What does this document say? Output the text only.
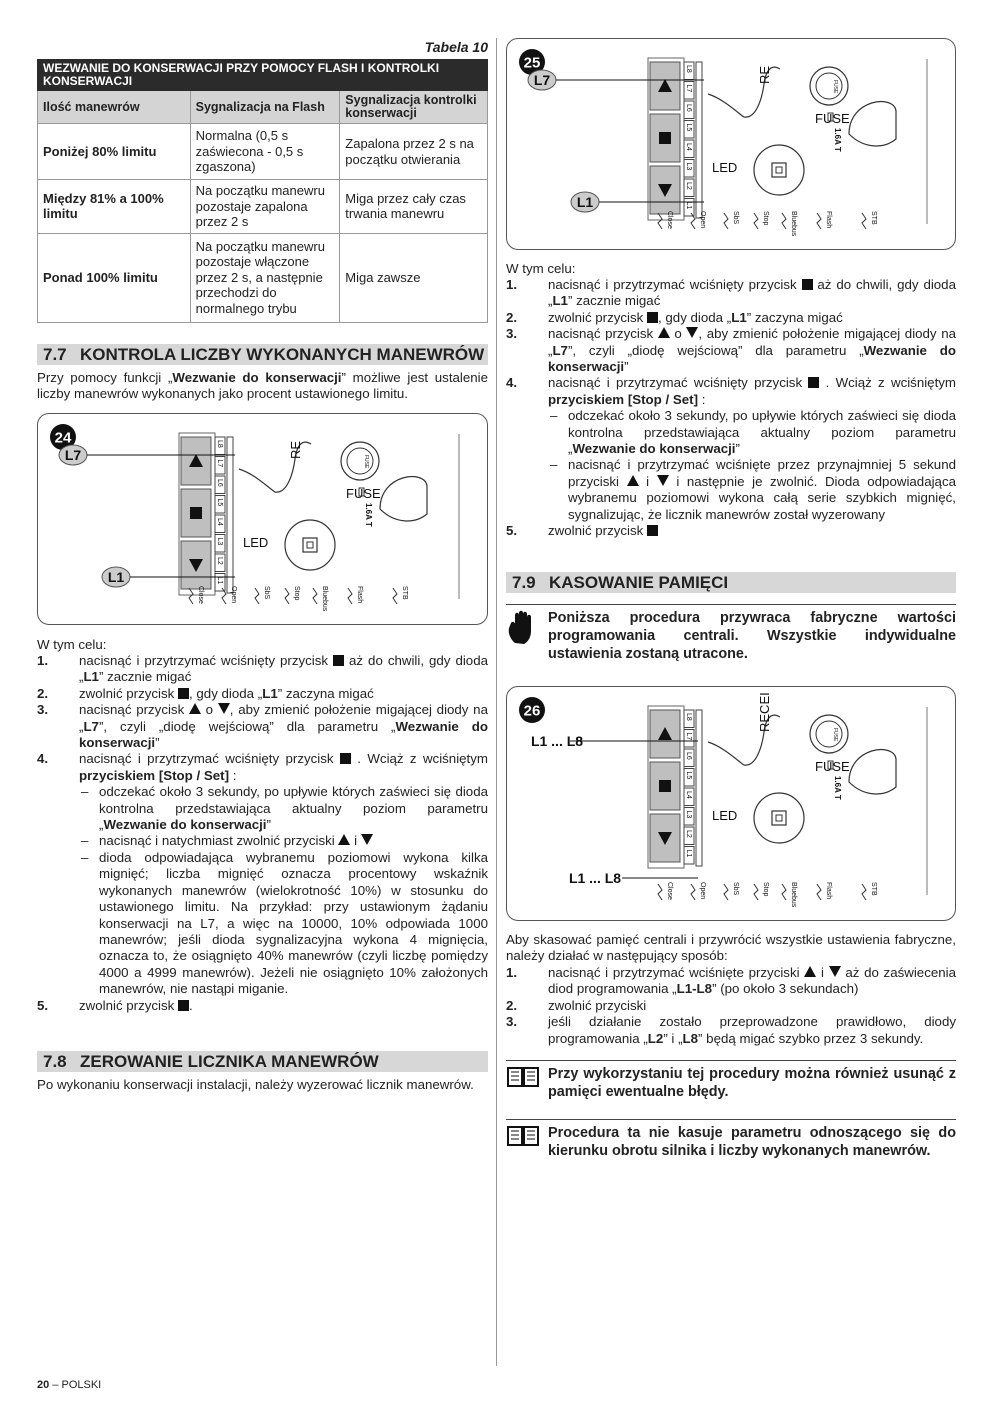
Tabela 10
WEZWANIE DO KONSERWACJI PRZY POMOCY FLASH I KONTROLKI KONSERWACJI		
Ilość manewrów	Sygnalizacja na Flash	Sygnalizacja kontrolki konserwacji
Poniżej 80% limitu	Normalna (0,5 s zaświecona - 0,5 s zgaszona)	Zapalona przez 2 s na początku otwierania
Między 81% a 100% limitu	Na początku manewru pozostaje zapalona przez 2 s	Miga przez cały czas trwania manewru
Ponad 100% limitu	Na początku manewru pozostaje włączone przez 2 s, a następnie przechodzi do normalnego trybu	Miga zawsze
7.7 KONTROLA LICZBY WYKONANYCH MANEWRÓW
Przy pomocy funkcji „Wezwanie do konserwacji” możliwe jest ustalenie liczby manewrów wykonanych jako procent ustawionego limitu.
24	L8
L7
L6
L5
L4
L3
L2
L1
L7
L1
RE
FUSE
FUSE
1.6A T
LED
Close	Open	SbS	Stop	Bluebus	Flash	STB
W tym celu:
1. nacisnąć i przytrzymać wciśnięty przycisk aż do chwili, gdy dioda „L1” zacznie migać
2. zwolnić przycisk , gdy dioda „L1” zaczyna migać
3. nacisnąć przycisk o , aby zmienić położenie migającej diody na „L7”, czyli „diodę wejściową” dla parametru „Wezwanie do konserwacji”
4. nacisnąć i przytrzymać wciśnięty przycisk . Wciąż z wciśniętym przyciskiem [Stop / Set] :
– odczekać około 3 sekundy, po upływie których zaświeci się dioda kontrolna przedstawiająca aktualny poziom parametru „Wezwanie do konserwacji”
– nacisnąć i natychmiast zwolnić przyciski i
– dioda odpowiadająca wybranemu poziomowi wykona kilka mignięć; liczba mignięć oznacza procentowy wskaźnik wykonanych manewrów (wielokrotność 10%) w stosunku do ustawionego limitu. Na przykład: przy ustawionym żądaniu konserwacji na L7, a więc na 10000, 10% odpowiada 1000 manewrów; jeśli dioda sygnalizacyjna wykona 4 mignięcia, oznacza to, że osiągnięto 40% manewrów (czyli liczbę pomiędzy 4000 a 4999 manewrów). Jeżeli nie osiągnięto 10% założonych manewrów, nie nastąpi miganie.
5. zwolnić przycisk .
7.8 ZEROWANIE LICZNIKA MANEWRÓW
Po wykonaniu konserwacji instalacji, należy wyzerować licznik manewrów.
25	L8
L7
L6
L5
L4
L3
L2
L1
L7
L1
RE
FUSE
FUSE
1.6A T
LED
Close	Open	SbS	Stop	Bluebus	Flash	STB
W tym celu:
1. nacisnąć i przytrzymać wciśnięty przycisk aż do chwili, gdy dioda „L1” zacznie migać
2. zwolnić przycisk , gdy dioda „L1” zaczyna migać
3. nacisnąć przycisk o , aby zmienić położenie migającej diody na „L7”, czyli „diodę wejściową” dla parametru „Wezwanie do konserwacji”
4. nacisnąć i przytrzymać wciśnięty przycisk . Wciąż z wciśniętym przyciskiem [Stop / Set] :
– odczekać około 3 sekundy, po upływie których zaświeci się dioda kontrolna przedstawiająca aktualny poziom parametru „Wezwanie do konserwacji”
– nacisnąć i przytrzymać wciśnięte przez przynajmniej 5 sekund przyciski i i następnie je zwolnić. Dioda odpowiadająca wybranemu poziomowi wykona całą serie szybkich mignięć, sygnalizując, że licznik manewrów został wyzerowany
5. zwolnić przycisk
7.9 KASOWANIE PAMIĘCI
Poniższa procedura przywraca fabryczne wartości programowania centrali. Wszystkie indywidualne ustawienia zostaną utracone.
26	L8
L7
L6
L5
L4
L3
L2
L1
L1 ... L8
L1 ... L8
RECEI
FUSE
FUSE
1.6A T
LED
Close	Open	SbS	Stop	Bluebus	Flash	STB
Aby skasować pamięć centrali i przywrócić wszystkie ustawienia fabryczne, należy działać w następujący sposób:
1. nacisnąć i przytrzymać wciśnięte przyciski i aż do zaświecenia diod programowania „L1-L8” (po około 3 sekundach)
2. zwolnić przyciski
3. jeśli działanie zostało przeprowadzone prawidłowo, diody programowania „L2” i „L8” będą migać szybko przez 3 sekundy.
Przy wykorzystaniu tej procedury można również usunąć z pamięci ewentualne błędy.
Procedura ta nie kasuje parametru odnoszącego się do kierunku obrotu silnika i liczby wykonanych manewrów.
20 – POLSKI
